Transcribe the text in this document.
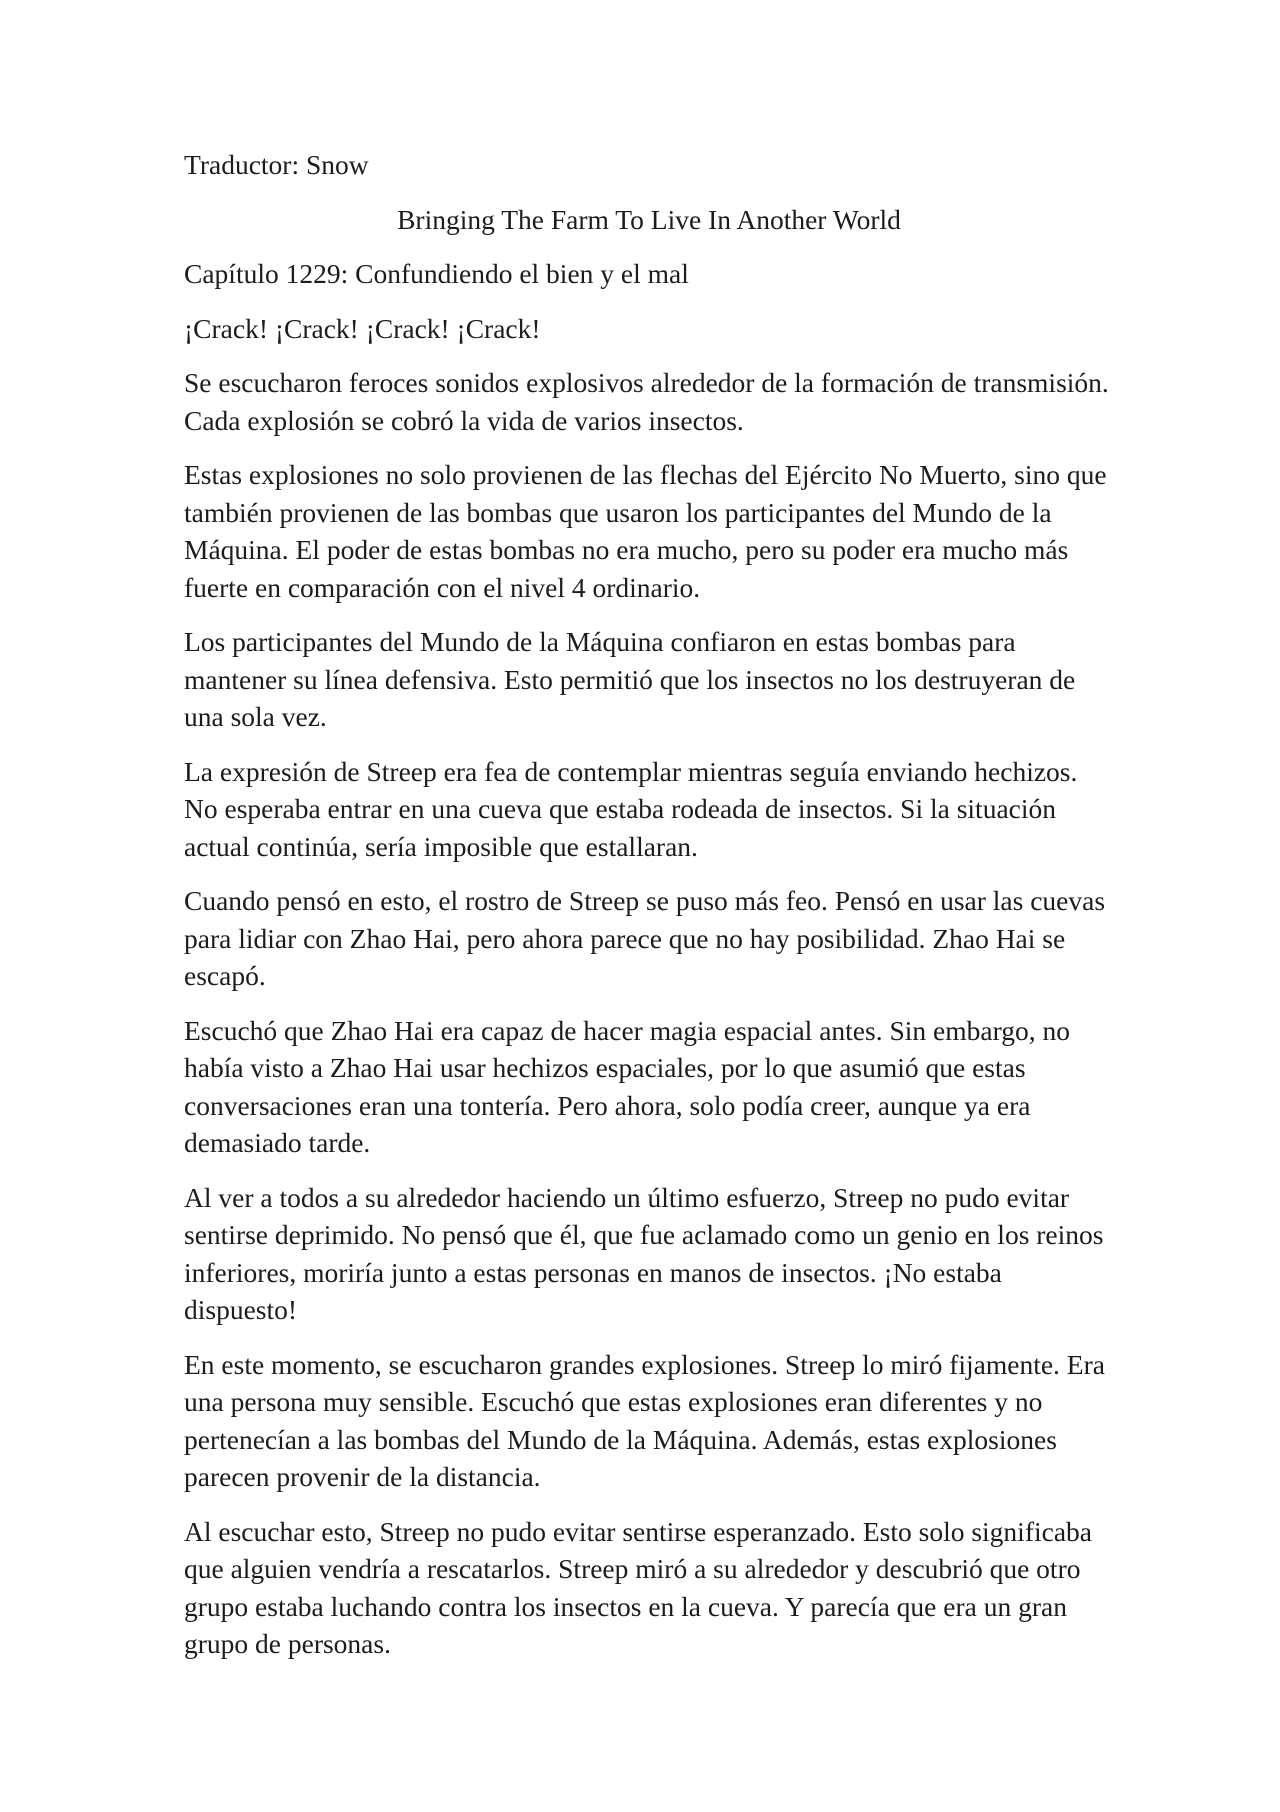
Traductor: Snow
Bringing The Farm To Live In Another World
Capítulo 1229: Confundiendo el bien y el mal

¡Crack! ¡Crack! ¡Crack! ¡Crack!

Se escucharon feroces sonidos explosivos alrededor de la formación de transmisión. Cada explosión se cobró la vida de varios insectos.

Estas explosiones no solo provienen de las flechas del Ejército No Muerto, sino que también provienen de las bombas que usaron los participantes del Mundo de la Máquina. El poder de estas bombas no era mucho, pero su poder era mucho más fuerte en comparación con el nivel 4 ordinario.

Los participantes del Mundo de la Máquina confiaron en estas bombas para mantener su línea defensiva. Esto permitió que los insectos no los destruyeran de una sola vez.

La expresión de Streep era fea de contemplar mientras seguía enviando hechizos. No esperaba entrar en una cueva que estaba rodeada de insectos. Si la situación actual continúa, sería imposible que estallaran.

Cuando pensó en esto, el rostro de Streep se puso más feo. Pensó en usar las cuevas para lidiar con Zhao Hai, pero ahora parece que no hay posibilidad. Zhao Hai se escapó.

Escuchó que Zhao Hai era capaz de hacer magia espacial antes. Sin embargo, no había visto a Zhao Hai usar hechizos espaciales, por lo que asumió que estas conversaciones eran una tontería. Pero ahora, solo podía creer, aunque ya era demasiado tarde.

Al ver a todos a su alrededor haciendo un último esfuerzo, Streep no pudo evitar sentirse deprimido. No pensó que él, que fue aclamado como un genio en los reinos inferiores, moriría junto a estas personas en manos de insectos. ¡No estaba dispuesto!

En este momento, se escucharon grandes explosiones. Streep lo miró fijamente. Era una persona muy sensible. Escuchó que estas explosiones eran diferentes y no pertenecían a las bombas del Mundo de la Máquina. Además, estas explosiones parecen provenir de la distancia.

Al escuchar esto, Streep no pudo evitar sentirse esperanzado. Esto solo significaba que alguien vendría a rescatarlos. Streep miró a su alrededor y descubrió que otro grupo estaba luchando contra los insectos en la cueva. Y parecía que era un gran grupo de personas.
